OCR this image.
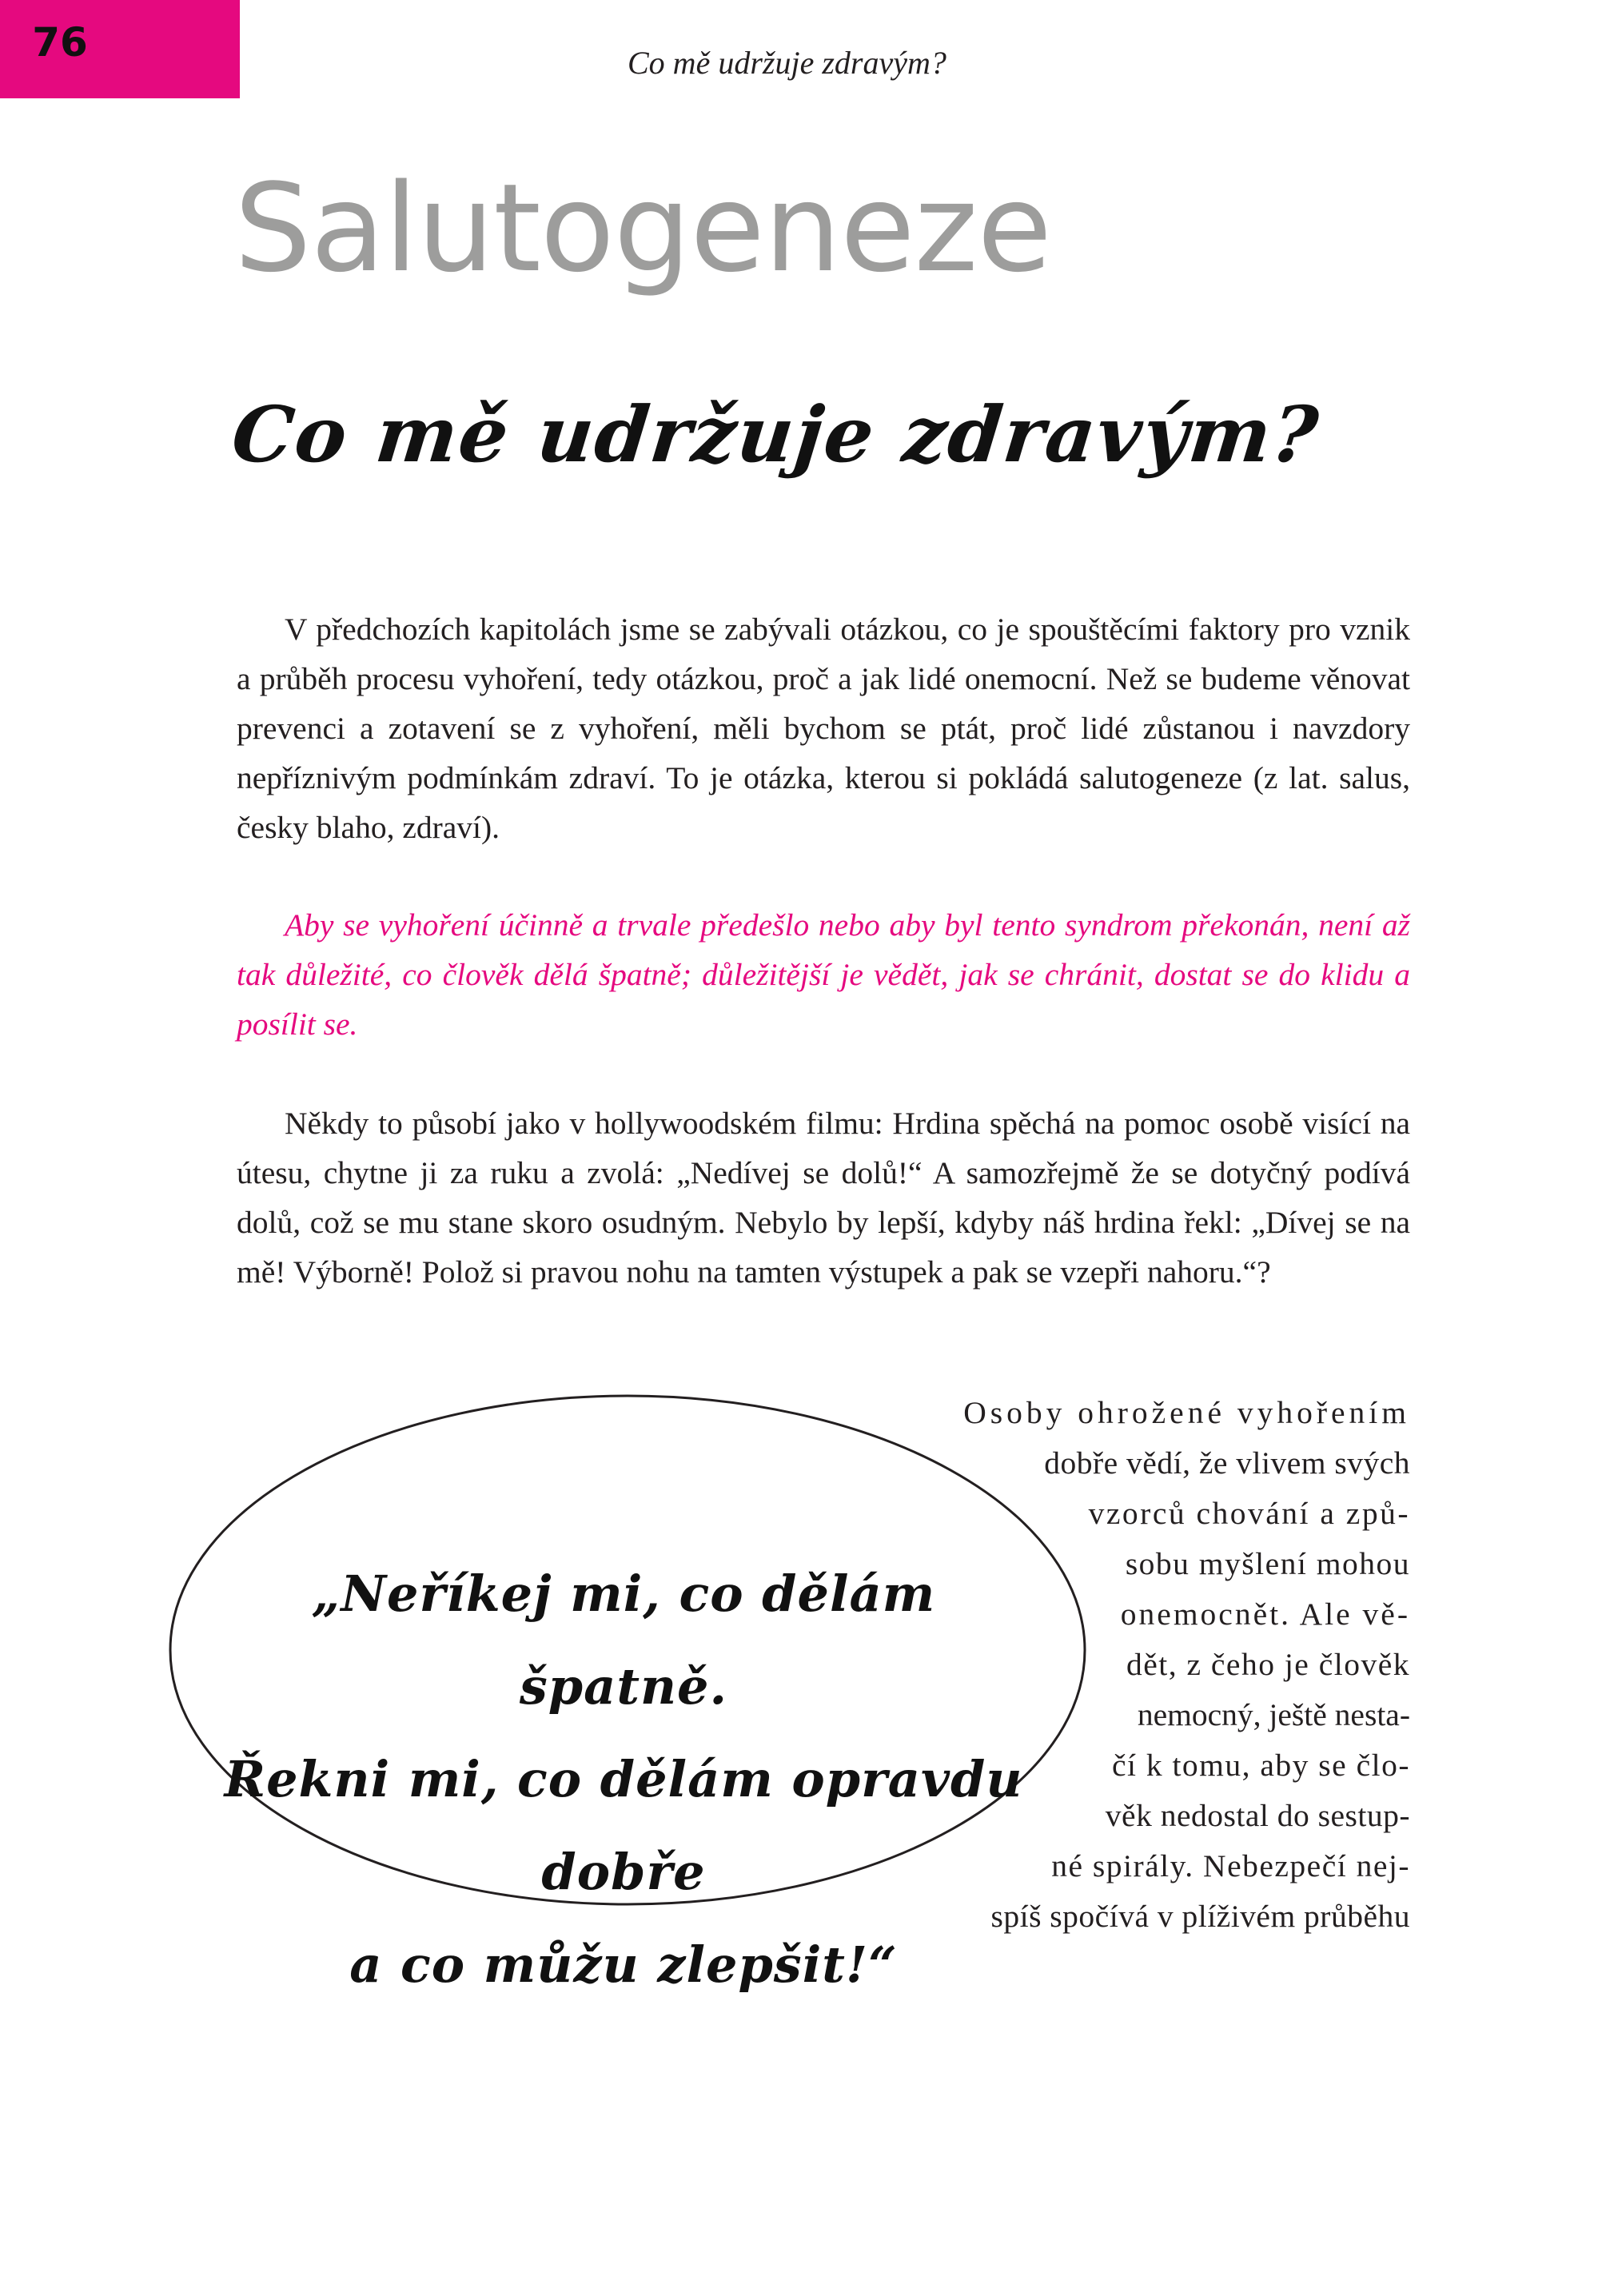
76	Co mě udržuje zdravým?
Salutogeneze
Co mě udržuje zdravým?

V předchozích kapitolách jsme se zabývali otázkou, co je spouštěcími faktory pro vznik a průběh procesu vyhoření, tedy otázkou, proč a jak lidé onemocní. Než se budeme věnovat prevenci a zotavení se z vyhoření, měli bychom se ptát, proč lidé zůstanou i navzdory nepříznivým podmínkám zdraví. To je otázka, kterou si pokládá salutogeneze (z lat. salus, česky blaho, zdraví).

Aby se vyhoření účinně a trvale předešlo nebo aby byl tento syndrom překonán, není až tak důležité, co člověk dělá špatně; důležitější je vědět, jak se chránit, dostat se do klidu a posílit se.

Někdy to působí jako v hollywoodském filmu: Hrdina spěchá na pomoc osobě visící na útesu, chytne ji za ruku a zvolá: „Nedívej se dolů!“ A samozřejmě že se dotyčný podívá dolů, což se mu stane skoro osudným. Nebylo by lepší, kdyby náš hrdina řekl: „Dívej se na mě! Výborně! Polož si pravou nohu na tamten výstupek a pak se vzepři nahoru.“?

„Neříkej mi, co dělám špatně.
Řekni mi, co dělám opravdu dobře
a co můžu zlepšit!“
Osoby ohrožené vyhořením
dobře vědí, že vlivem svých
vzorců chování a způ-
sobu myšlení mohou
onemocnět. Ale vě-
dět, z čeho je člověk
nemocný, ještě nesta-
čí k tomu, aby se člo-
věk nedostal do sestup-
né spirály. Nebezpečí nej-
spíš spočívá v plíživém průběhu
